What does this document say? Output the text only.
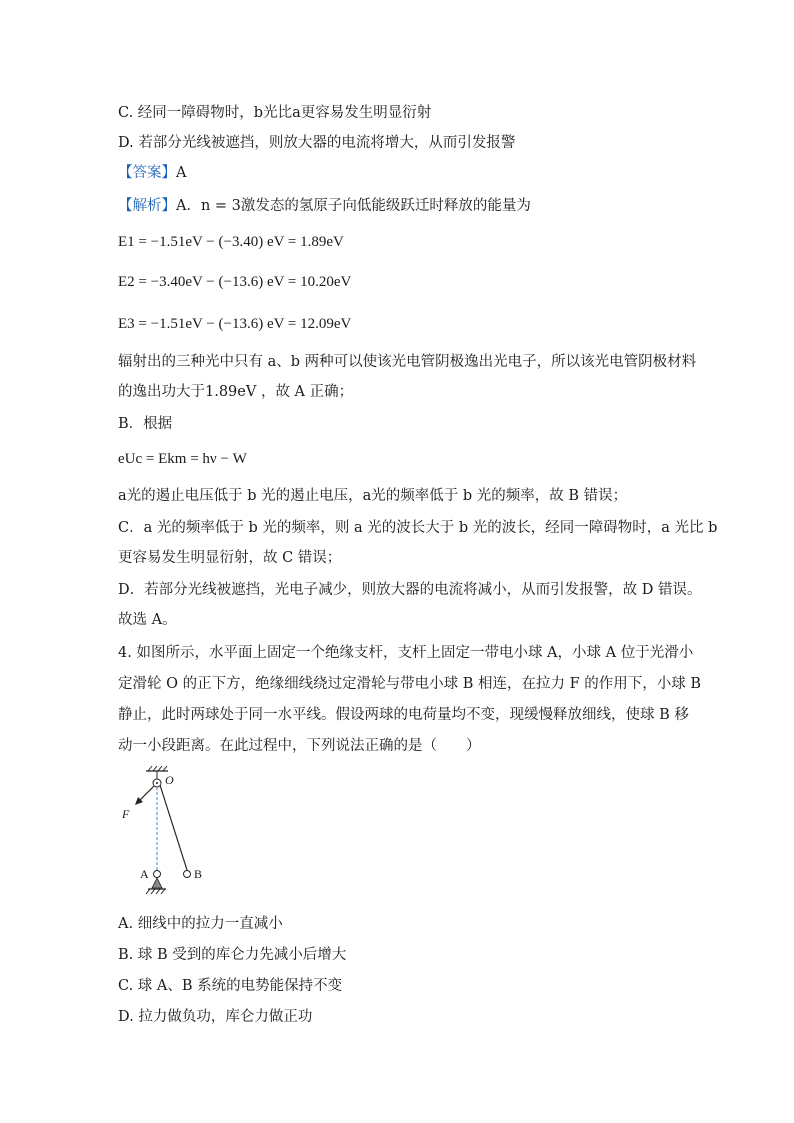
C. 经同一障碍物时，b光比a更容易发生明显衍射
D. 若部分光线被遮挡，则放大器的电流将增大，从而引发报警
【答案】A
【解析】A．n = 3激发态的氢原子向低能级跃迁时释放的能量为
E1 = −1.51eV − (−3.40) eV = 1.89eV
E2 = −3.40eV − (−13.6) eV = 10.20eV
E3 = −1.51eV − (−13.6) eV = 12.09eV
辐射出的三种光中只有 a、b 两种可以使该光电管阴极逸出光电子，所以该光电管阴极材料
的逸出功大于1.89eV ，故 A 正确；
B．根据
eUc = Ekm = hν − W
a光的遏止电压低于 b 光的遏止电压，a光的频率低于 b 光的频率，故 B 错误；
C．a 光的频率低于 b 光的频率，则 a 光的波长大于 b 光的波长，经同一障碍物时，a 光比 b
更容易发生明显衍射，故 C 错误；
D．若部分光线被遮挡，光电子减少，则放大器的电流将减小，从而引发报警，故 D 错误。
故选 A。
4. 如图所示，水平面上固定一个绝缘支杆，支杆上固定一带电小球 A，小球 A 位于光滑小
定滑轮 O 的正下方，绝缘细线绕过定滑轮与带电小球 B 相连，在拉力 F 的作用下，小球 B
静止，此时两球处于同一水平线。假设两球的电荷量均不变，现缓慢释放细线，使球 B 移
动一小段距离。在此过程中，下列说法正确的是（　　）
O
F
A	B
A. 细线中的拉力一直减小
B. 球 B 受到的库仑力先减小后增大
C. 球 A、B 系统的电势能保持不变
D. 拉力做负功，库仑力做正功
